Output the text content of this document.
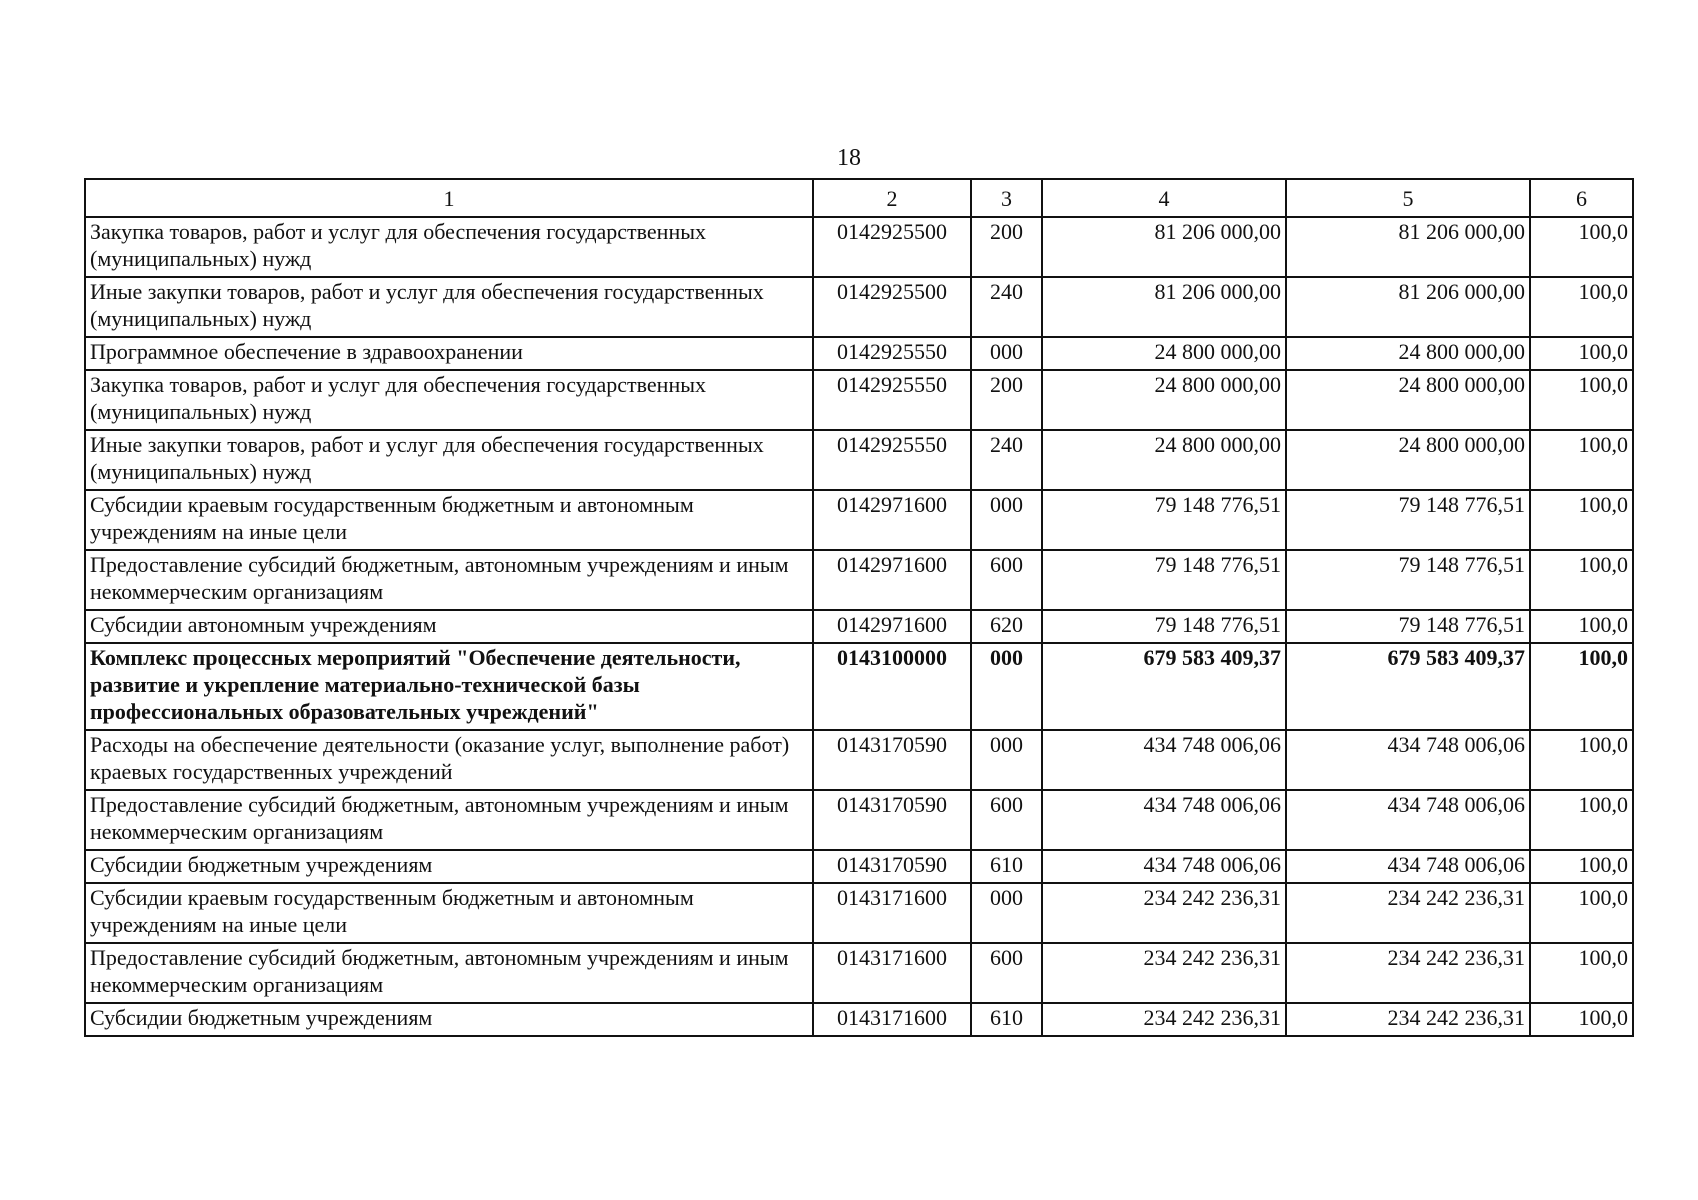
18
1	2	3	4	5	6
Закупка товаров, работ и услуг для обеспечения государственных (муниципальных) нужд	0142925500	200	81 206 000,00	81 206 000,00	100,0
Иные закупки товаров, работ и услуг для обеспечения государственных (муниципальных) нужд	0142925500	240	81 206 000,00	81 206 000,00	100,0
Программное обеспечение в здравоохранении	0142925550	000	24 800 000,00	24 800 000,00	100,0
Закупка товаров, работ и услуг для обеспечения государственных (муниципальных) нужд	0142925550	200	24 800 000,00	24 800 000,00	100,0
Иные закупки товаров, работ и услуг для обеспечения государственных (муниципальных) нужд	0142925550	240	24 800 000,00	24 800 000,00	100,0
Субсидии краевым государственным бюджетным и автономным учреждениям на иные цели	0142971600	000	79 148 776,51	79 148 776,51	100,0
Предоставление субсидий бюджетным, автономным учреждениям и иным некоммерческим организациям	0142971600	600	79 148 776,51	79 148 776,51	100,0
Субсидии автономным учреждениям	0142971600	620	79 148 776,51	79 148 776,51	100,0
Комплекс процессных мероприятий "Обеспечение деятельности, развитие и укрепление материально-технической базы профессиональных образовательных учреждений"	0143100000	000	679 583 409,37	679 583 409,37	100,0
Расходы на обеспечение деятельности (оказание услуг, выполнение работ) краевых государственных учреждений	0143170590	000	434 748 006,06	434 748 006,06	100,0
Предоставление субсидий бюджетным, автономным учреждениям и иным некоммерческим организациям	0143170590	600	434 748 006,06	434 748 006,06	100,0
Субсидии бюджетным учреждениям	0143170590	610	434 748 006,06	434 748 006,06	100,0
Субсидии краевым государственным бюджетным и автономным учреждениям на иные цели	0143171600	000	234 242 236,31	234 242 236,31	100,0
Предоставление субсидий бюджетным, автономным учреждениям и иным некоммерческим организациям	0143171600	600	234 242 236,31	234 242 236,31	100,0
Субсидии бюджетным учреждениям	0143171600	610	234 242 236,31	234 242 236,31	100,0
